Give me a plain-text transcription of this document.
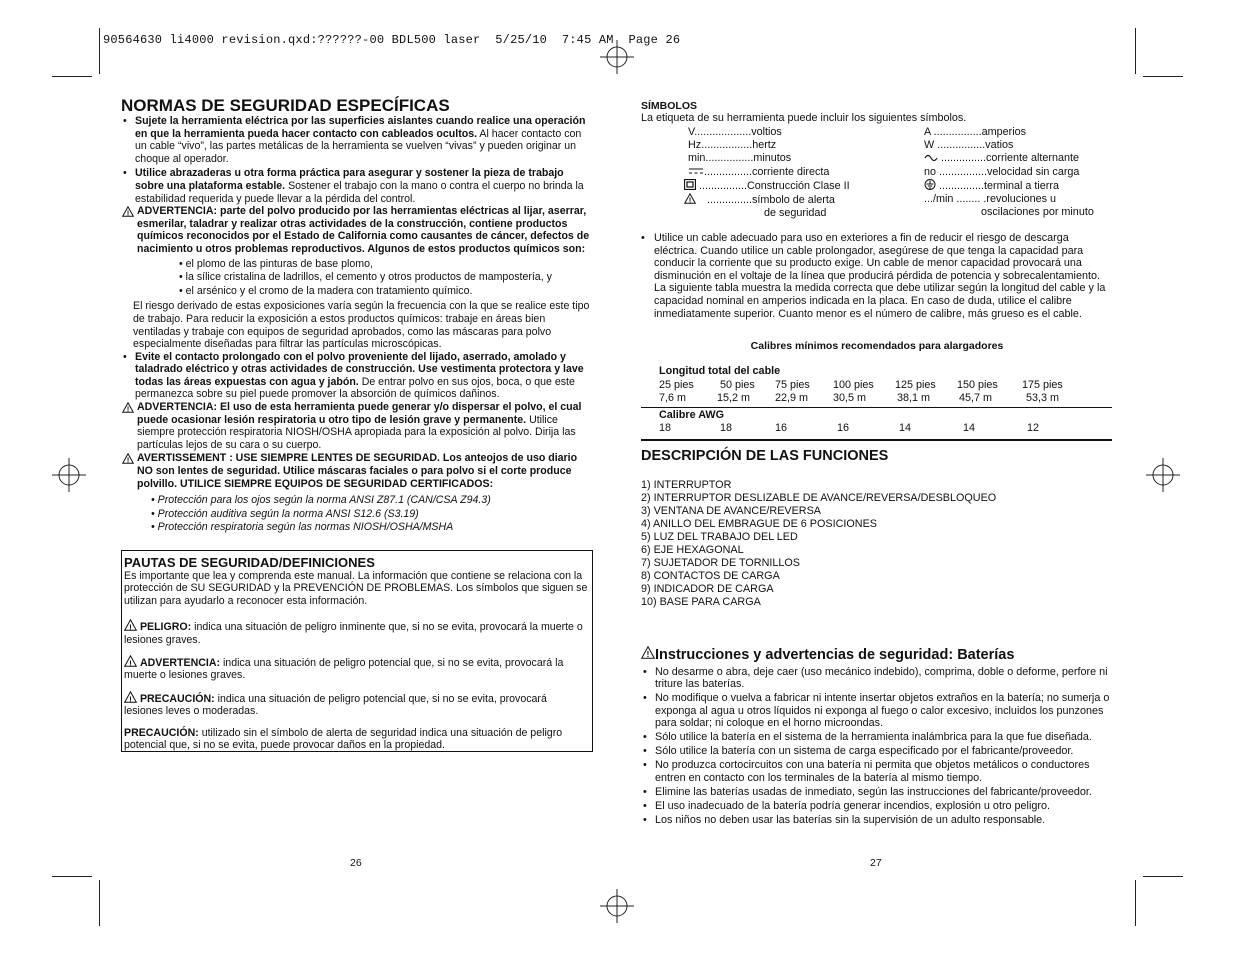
90564630 li4000 revision.qxd:??????-00 BDL500 laser  5/25/10  7:45 AM  Page 26
NORMAS DE SEGURIDAD ESPECÍFICAS

• Sujete la herramienta eléctrica por las superficies aislantes cuando realice una operación en que la herramienta pueda hacer contacto con cableados ocultos. Al hacer contacto con un cable “vivo”, las partes metálicas de la herramienta se vuelven “vivas” y pueden originar un choque al operador.

• Utilice abrazaderas u otra forma práctica para asegurar y sostener la pieza de trabajo sobre una plataforma estable. Sostener el trabajo con la mano o contra el cuerpo no brinda la estabilidad requerida y puede llevar a la pérdida del control.

! ADVERTENCIA: parte del polvo producido por las herramientas eléctricas al lijar, aserrar, esmerilar, taladrar y realizar otras actividades de la construcción, contiene productos químicos reconocidos por el Estado de California como causantes de cáncer, defectos de nacimiento u otros problemas reproductivos. Algunos de estos productos químicos son:

• el plomo de las pinturas de base plomo,

• la sílice cristalina de ladrillos, el cemento y otros productos de mampostería, y

• el arsénico y el cromo de la madera con tratamiento químico.

El riesgo derivado de estas exposiciones varía según la frecuencia con la que se realice este tipo de trabajo. Para reducir la exposición a estos productos químicos: trabaje en áreas bien ventiladas y trabaje con equipos de seguridad aprobados, como las máscaras para polvo especialmente diseñadas para filtrar las partículas microscópicas.

• Evite el contacto prolongado con el polvo proveniente del lijado, aserrado, amolado y taladrado eléctrico y otras actividades de construcción. Use vestimenta protectora y lave todas las áreas expuestas con agua y jabón. De entrar polvo en sus ojos, boca, o que este permanezca sobre su piel puede promover la absorción de químicos dañinos.

! ADVERTENCIA: El uso de esta herramienta puede generar y/o dispersar el polvo, el cual puede ocasionar lesión respiratoria u otro tipo de lesión grave y permanente. Utilice siempre protección respiratoria NIOSH/OSHA apropiada para la exposición al polvo. Dirija las partículas lejos de su cara o su cuerpo.
! AVERTISSEMENT : USE SIEMPRE LENTES DE SEGURIDAD. Los anteojos de uso diario NO son lentes de seguridad. Utilice máscaras faciales o para polvo si el corte produce polvillo. UTILICE SIEMPRE EQUIPOS DE SEGURIDAD CERTIFICADOS:

• Protección para los ojos según la norma ANSI Z87.1 (CAN/CSA Z94.3)

• Protección auditiva según la norma ANSI S12.6 (S3.19)

• Protección respiratoria según las normas NIOSH/OSHA/MSHA

PAUTAS DE SEGURIDAD/DEFINICIONES
Es importante que lea y comprenda este manual. La información que contiene se relaciona con la protección de SU SEGURIDAD y la PREVENCIÓN DE PROBLEMAS. Los símbolos que siguen se utilizan para ayudarlo a reconocer esta información.
! PELIGRO: indica una situación de peligro inminente que, si no se evita, provocará la muerte o lesiones graves.
! ADVERTENCIA: indica una situación de peligro potencial que, si no se evita, provocará la muerte o lesiones graves.
! PRECAUCIÓN: indica una situación de peligro potencial que, si no se evita, provocará lesiones leves o moderadas.
PRECAUCIÓN: utilizado sin el símbolo de alerta de seguridad indica una situación de peligro potencial que, si no se evita, puede provocar daños en la propiedad.
26
SÍMBOLOS
La etiqueta de su herramienta puede incluir los siguientes símbolos.
V...................voltios
Hz.................hertz
min................minutos
................corriente directa
................Construcción Clase II
! ...............símbolo de alerta
de seguridad
A ................amperios
W ................vatios
...............corriente alternante
no ................velocidad sin carga
...............terminal a tierra
.../min ........ .revoluciones u
oscilaciones por minuto

• Utilice un cable adecuado para uso en exteriores a fin de reducir el riesgo de descarga eléctrica. Cuando utilice un cable prolongador, asegúrese de que tenga la capacidad para conducir la corriente que su producto exige. Un cable de menor capacidad provocará una disminución en el voltaje de la línea que producirá pérdida de potencia y sobrecalentamiento. La siguiente tabla muestra la medida correcta que debe utilizar según la longitud del cable y la capacidad nominal en amperios indicada en la placa. En caso de duda, utilice el calibre inmediatamente superior. Cuanto menor es el número de calibre, más grueso es el cable.

Calibres mínimos recomendados para alargadores
Longitud total del cable
25 pies 50 pies 75 pies 100 pies 125 pies 150 pies 175 pies
7,6 m	15,2 m 22,9 m 30,5 m	38,1 m	45,7 m	53,3 m
Calibre AWG
18	18	16	16	14	14	12
DESCRIPCIÓN DE LAS FUNCIONES
1) INTERRUPTOR
2) INTERRUPTOR DESLIZABLE DE AVANCE/REVERSA/DESBLOQUEO
3) VENTANA DE AVANCE/REVERSA
4) ANILLO DEL EMBRAGUE DE 6 POSICIONES
5) LUZ DEL TRABAJO DEL LED
6) EJE HEXAGONAL
7) SUJETADOR DE TORNILLOS
8) CONTACTOS DE CARGA
9) INDICADOR DE CARGA
10) BASE PARA CARGA
! Instrucciones y advertencias de seguridad: Baterías

• No desarme o abra, deje caer (uso mecánico indebido), comprima, doble o deforme, perfore ni triture las baterías.

• No modifique o vuelva a fabricar ni intente insertar objetos extraños en la batería; no sumerja o exponga al agua u otros líquidos ni exponga al fuego o calor excesivo, incluidos los punzones para soldar; ni coloque en el horno microondas.

• Sólo utilice la batería en el sistema de la herramienta inalámbrica para la que fue diseñada.

• Sólo utilice la batería con un sistema de carga especificado por el fabricante/proveedor.

• No produzca cortocircuitos con una batería ni permita que objetos metálicos o conductores entren en contacto con los terminales de la batería al mismo tiempo.

• Elimine las baterías usadas de inmediato, según las instrucciones del fabricante/proveedor.

• El uso inadecuado de la batería podría generar incendios, explosión u otro peligro.

• Los niños no deben usar las baterías sin la supervisión de un adulto responsable.

27
